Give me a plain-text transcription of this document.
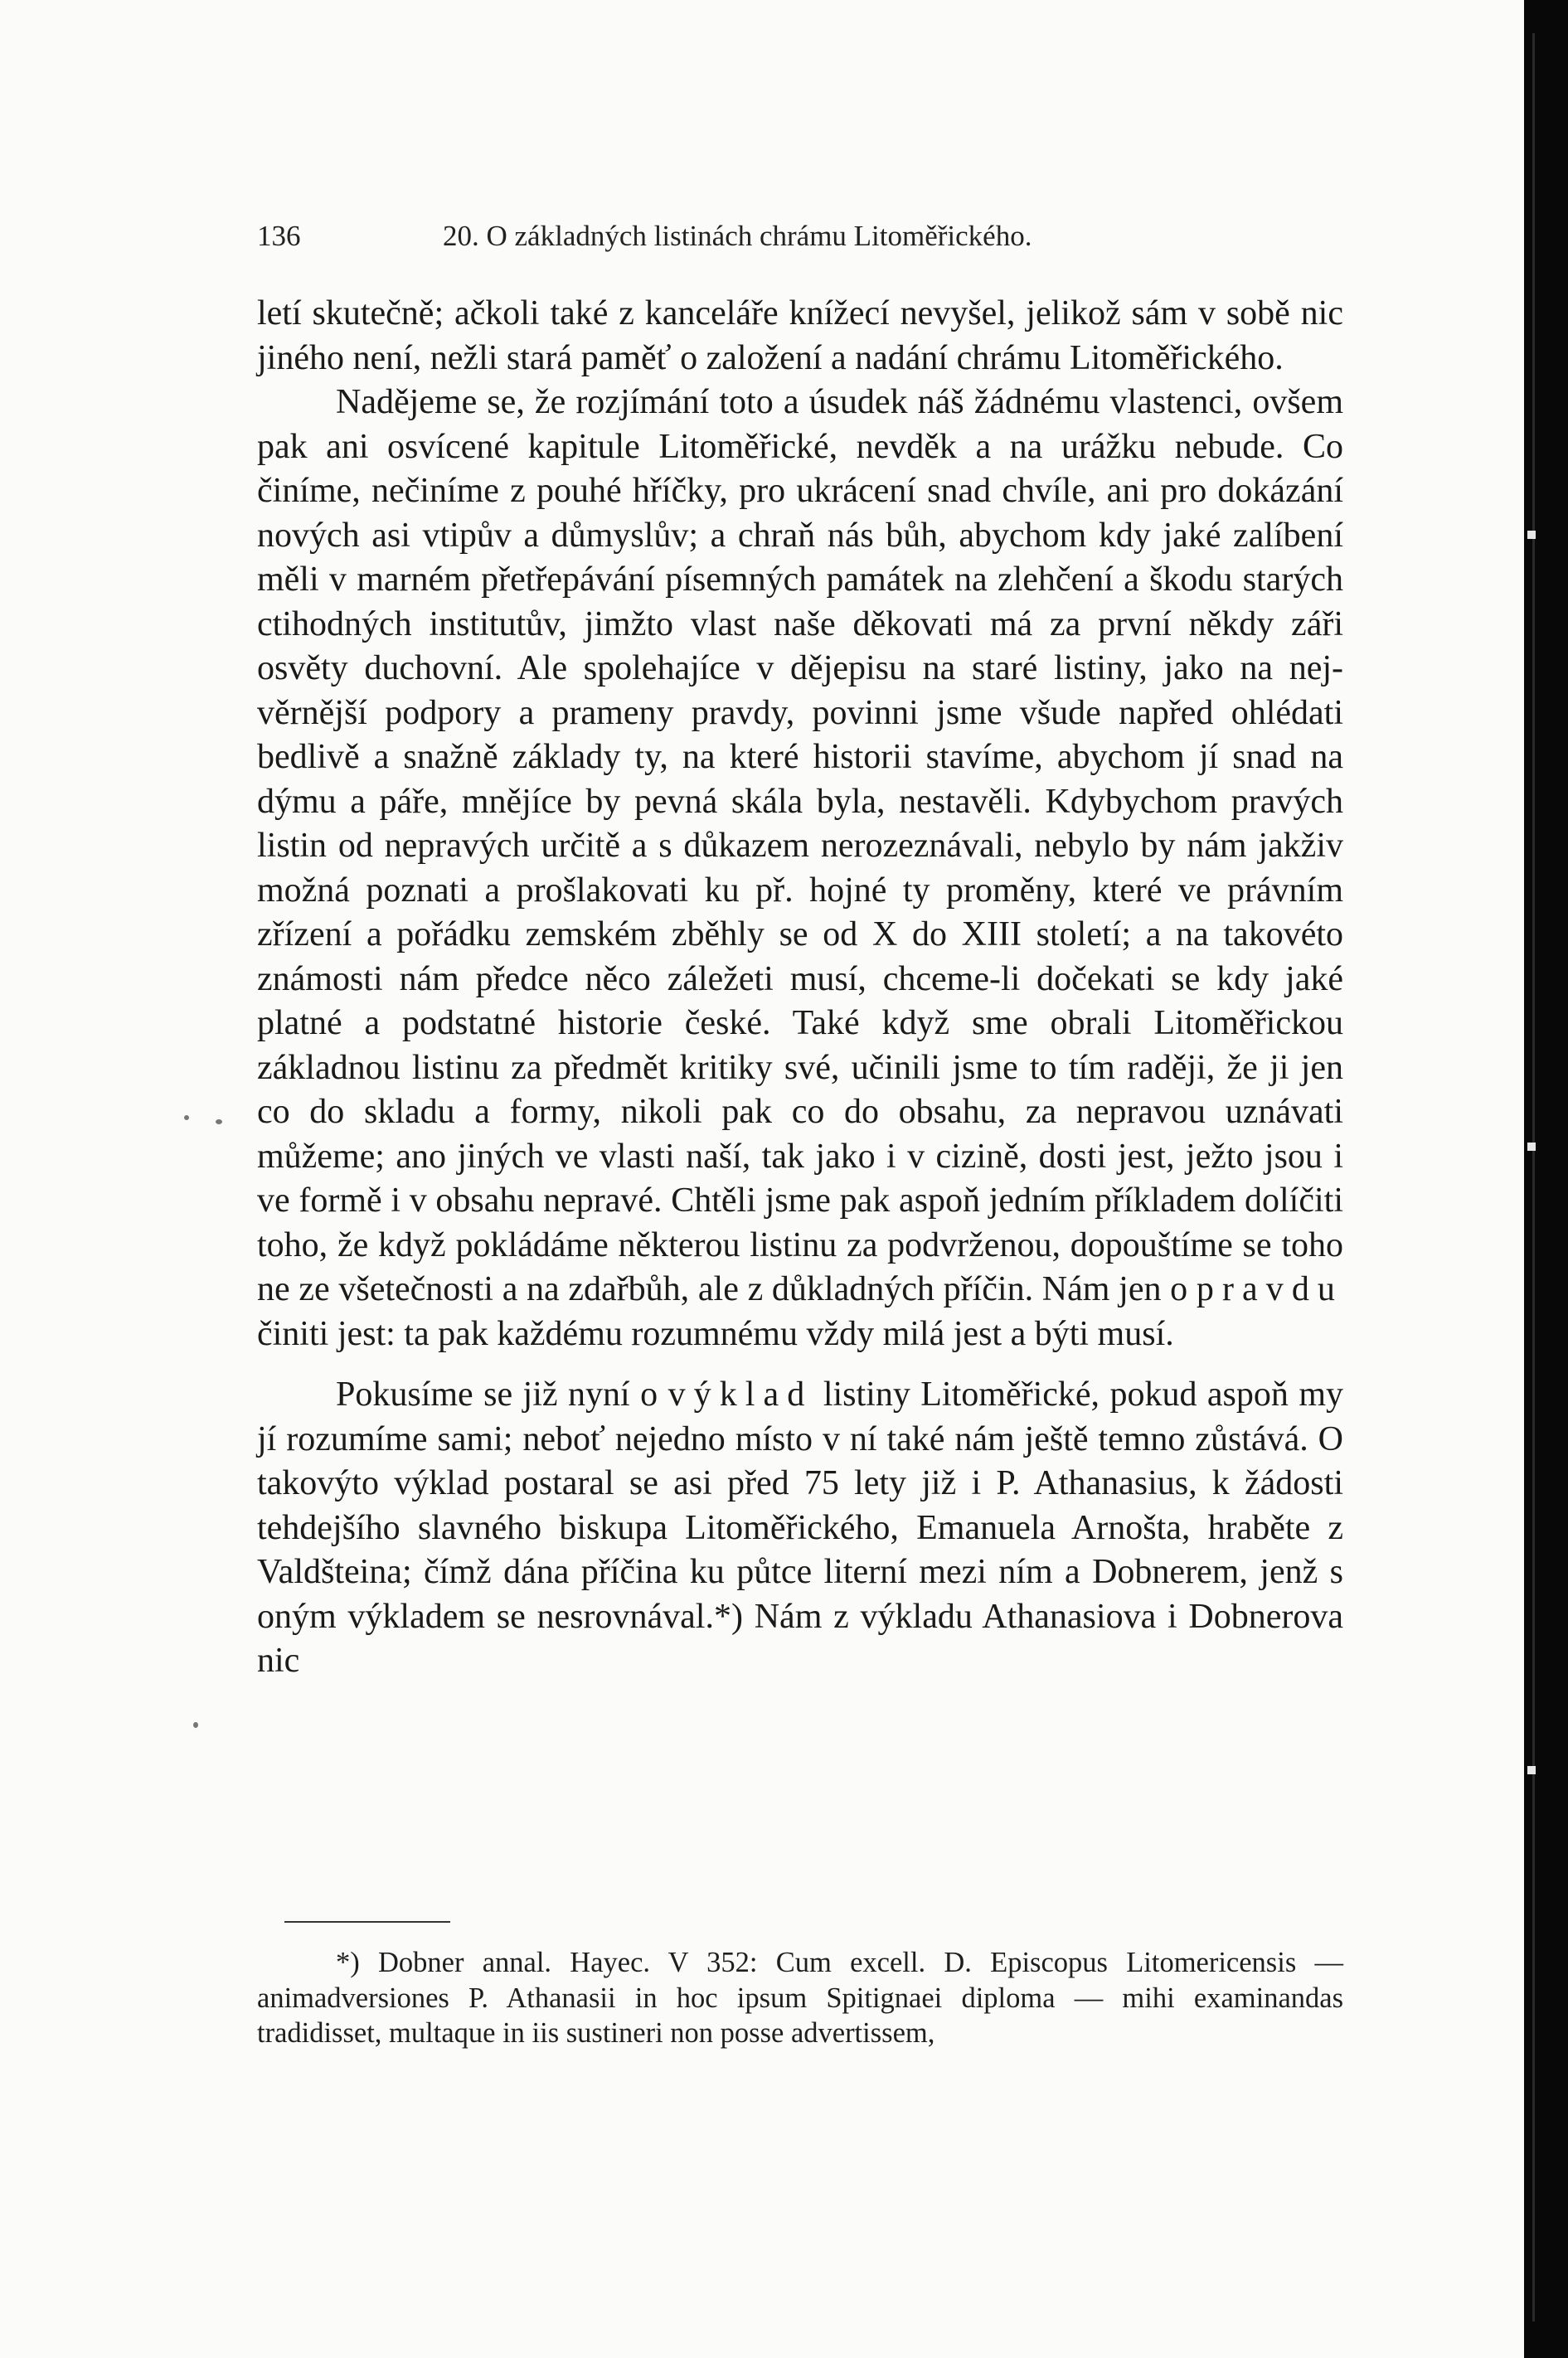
136	20. O základných listinách chrámu Litoměřického.

letí skutečně; ačkoli také z kanceláře knížecí nevyšel, jelikož sám v sobě nic jiného není, nežli stará paměť o založení a nadání chrámu Litoměřického.

Nadějeme se, že rozjímání toto a úsudek náš žádnému vlastenci, ovšem pak ani osvícené kapitule Litoměřické, nevděk a na urážku nebude. Co činíme, nečiníme z pouhé hříčky, pro ukrácení snad chvíle, ani pro dokázání nových asi vtipův a důmyslův; a chraň nás bůh, abychom kdy jaké zalíbení měli v marném přetřepávání písemných památek na zlehčení a škodu starých ctihodných institutův, jimžto vlast naše děkovati má za první někdy záři osvěty duchovní. Ale spolehajíce v dějepisu na staré listiny, jako na nejvěrnější podpory a prameny pravdy, povinni jsme všude napřed ohlédati bedlivě a snažně základy ty, na které historii stavíme, abychom jí snad na dýmu a páře, mnějíce by pevná skála byla, nestavěli. Kdybychom pravých listin od nepravých určitě a s důkazem nerozeznávali, nebylo by nám jakživ možná poznati a prošlakovati ku př. hojné ty proměny, které ve právním zřízení a pořádku zemském zběhly se od X do XIII století; a na takovéto známosti nám předce něco záležeti musí, chceme-li dočekati se kdy jaké platné a podstatné historie české. Také když sme obrali Litoměřickou základnou listinu za předmět kritiky své, učinili jsme to tím raději, že ji jen co do skladu a formy, nikoli pak co do obsahu, za nepravou uznávati můžeme; ano jiných ve vlasti naší, tak jako i v cizině, dosti jest, ježto jsou i ve formě i v obsahu nepravé. Chtěli jsme pak aspoň jedním příkladem dolíčiti toho, že když pokládáme některou listinu za podvrženou, dopouštíme se toho ne ze všetečnosti a na zdařbůh, ale z důkladných příčin. Nám jen o pravdu činiti jest: ta pak každému rozumnému vždy milá jest a býti musí.

Pokusíme se již nyní o výklad listiny Litoměřické, pokud aspoň my jí rozumíme sami; neboť nejedno místo v ní také nám ještě temno zůstává. O takovýto výklad postaral se asi před 75 lety již i P. Athanasius, k žádosti tehdejšího slavného biskupa Litoměřického, Emanuela Arnošta, hraběte z Valdšteina; čímž dána příčina ku půtce literní mezi ním a Dobnerem, jenž s oným výkladem se nesrovnával.*) Nám z výkladu Athanasiova i Dobnerova nic

*) Dobner annal. Hayec. V 352: Cum excell. D. Episcopus Litomericensis — animadversiones P. Athanasii in hoc ipsum Spitignaei diploma — mihi examinandas tradidisset, multaque in iis sustineri non posse advertissem,
